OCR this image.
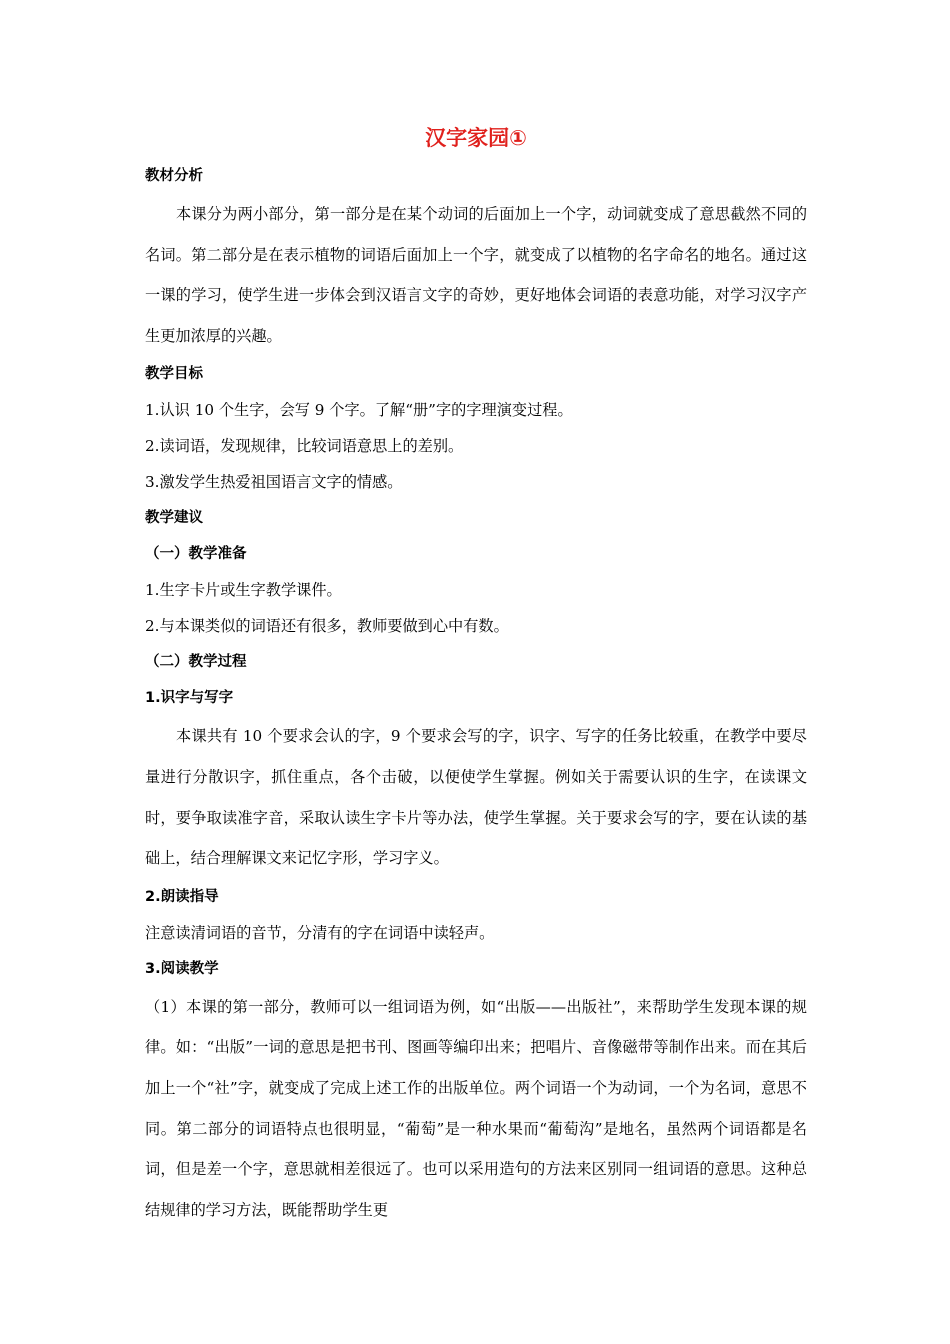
汉字家园①
教材分析

本课分为两小部分，第一部分是在某个动词的后面加上一个字，动词就变成了意思截然不同的名词。第二部分是在表示植物的词语后面加上一个字，就变成了以植物的名字命名的地名。通过这一课的学习，使学生进一步体会到汉语言文字的奇妙，更好地体会词语的表意功能，对学习汉字产生更加浓厚的兴趣。

教学目标

1.认识 10 个生字，会写 9 个字。了解“册”字的字理演变过程。

2.读词语，发现规律，比较词语意思上的差别。

3.激发学生热爱祖国语言文字的情感。

教学建议
（一）教学准备

1.生字卡片或生字教学课件。

2.与本课类似的词语还有很多，教师要做到心中有数。

（二）教学过程
1.识字与写字

本课共有 10 个要求会认的字，9 个要求会写的字，识字、写字的任务比较重，在教学中要尽量进行分散识字，抓住重点，各个击破，以便使学生掌握。例如关于需要认识的生字，在读课文时，要争取读准字音，采取认读生字卡片等办法，使学生掌握。关于要求会写的字，要在认读的基础上，结合理解课文来记忆字形，学习字义。

2.朗读指导

注意读清词语的音节，分清有的字在词语中读轻声。

3.阅读教学

（1）本课的第一部分，教师可以一组词语为例，如“出版——出版社”，来帮助学生发现本课的规律。如：“出版”一词的意思是把书刊、图画等编印出来；把唱片、音像磁带等制作出来。而在其后加上一个“社”字，就变成了完成上述工作的出版单位。两个词语一个为动词，一个为名词，意思不同。第二部分的词语特点也很明显，“葡萄”是一种水果而“葡萄沟”是地名，虽然两个词语都是名词，但是差一个字，意思就相差很远了。也可以采用造句的方法来区别同一组词语的意思。这种总结规律的学习方法，既能帮助学生更
